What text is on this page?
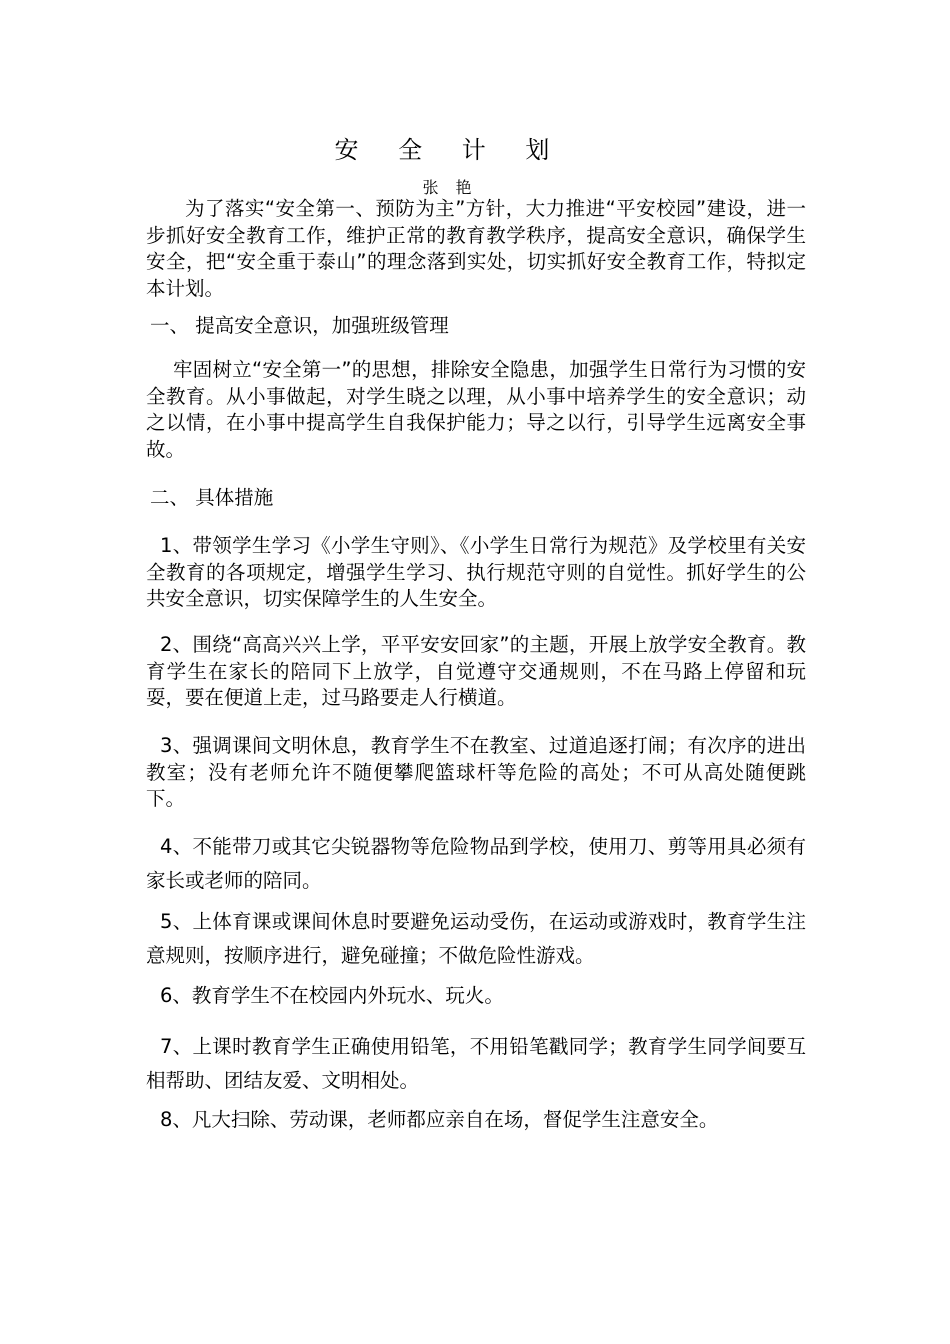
安 全 计 划
张 艳
为了落实“安全第一、预防为主”方针，大力推进“平安校园”建设，进一步抓好安全教育工作，维护正常的教育教学秩序，提高安全意识，确保学生安全，把“安全重于泰山”的理念落到实处，切实抓好安全教育工作，特拟定本计划。
一、 提高安全意识，加强班级管理
牢固树立“安全第一”的思想，排除安全隐患，加强学生日常行为习惯的安全教育。从小事做起，对学生晓之以理，从小事中培养学生的安全意识；动之以情，在小事中提高学生自我保护能力；导之以行，引导学生远离安全事故。
二、 具体措施
1、带领学生学习《小学生守则》、《小学生日常行为规范》及学校里有关安全教育的各项规定，增强学生学习、执行规范守则的自觉性。抓好学生的公共安全意识，切实保障学生的人生安全。
2、围绕“高高兴兴上学，平平安安回家”的主题，开展上放学安全教育。教育学生在家长的陪同下上放学，自觉遵守交通规则，不在马路上停留和玩耍，要在便道上走，过马路要走人行横道。
3、强调课间文明休息，教育学生不在教室、过道追逐打闹；有次序的进出教室；没有老师允许不随便攀爬篮球杆等危险的高处；不可从高处随便跳下。
4、不能带刀或其它尖锐器物等危险物品到学校，使用刀、剪等用具必须有家长或老师的陪同。
5、上体育课或课间休息时要避免运动受伤，在运动或游戏时，教育学生注意规则，按顺序进行，避免碰撞；不做危险性游戏。
6、教育学生不在校园内外玩水、玩火。
7、上课时教育学生正确使用铅笔，不用铅笔戳同学；教育学生同学间要互相帮助、团结友爱、文明相处。
8、凡大扫除、劳动课，老师都应亲自在场，督促学生注意安全。
